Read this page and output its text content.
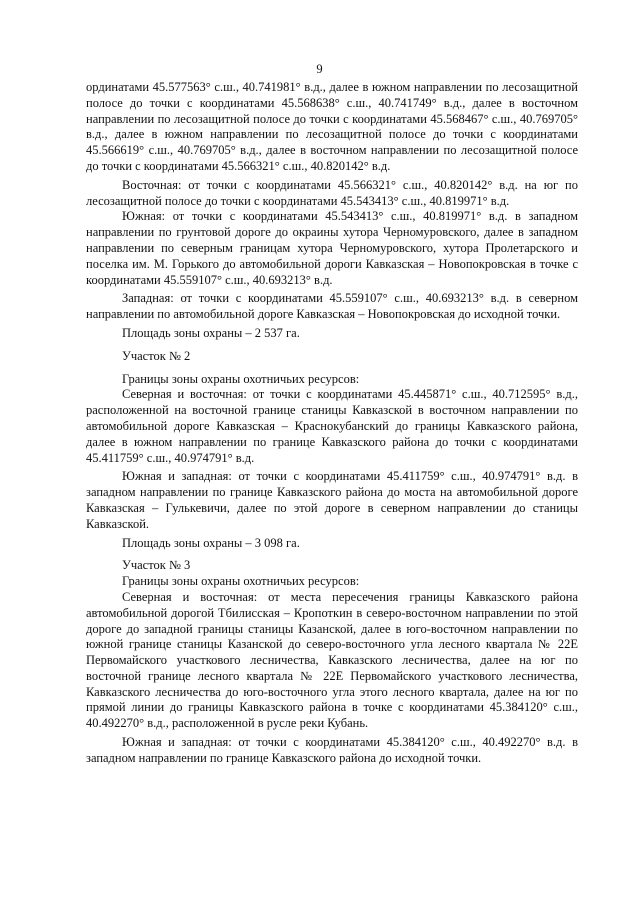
9

ординатами 45.577563° с.ш., 40.741981° в.д., далее в южном направлении по лесозащитной полосе до точки с координатами 45.568638° с.ш., 40.741749° в.д., далее в восточном направлении по лесозащитной полосе до точки с координатами 45.568467° с.ш., 40.769705° в.д., далее в южном направлении по лесозащитной полосе до точки с координатами 45.566619° с.ш., 40.769705° в.д., далее в восточном направлении по лесозащитной полосе до точки с координатами 45.566321° с.ш., 40.820142° в.д.

Восточная: от точки с координатами 45.566321° с.ш., 40.820142° в.д. на юг по лесозащитной полосе до точки с координатами 45.543413° с.ш., 40.819971° в.д.

Южная: от точки с координатами 45.543413° с.ш., 40.819971° в.д. в западном направлении по грунтовой дороге до окраины хутора Черномуровского, далее в западном направлении по северным границам хутора Черномуровского, хутора Пролетарского и поселка им. М. Горького до автомобильной дороги Кавказская – Новопокровская в точке с координатами 45.559107° с.ш., 40.693213° в.д.

Западная: от точки с координатами 45.559107° с.ш., 40.693213° в.д. в северном направлении по автомобильной дороге Кавказская – Новопокровская до исходной точки.

Площадь зоны охраны – 2 537 га.

Участок № 2

Границы зоны охраны охотничьих ресурсов:

Северная и восточная: от точки с координатами 45.445871° с.ш., 40.712595° в.д., расположенной на восточной границе станицы Кавказской в восточном направлении по автомобильной дороге Кавказская – Краснокубанский до границы Кавказского района, далее в южном направлении по границе Кавказского района до точки с координатами 45.411759° с.ш., 40.974791° в.д.

Южная и западная: от точки с координатами 45.411759° с.ш., 40.974791° в.д. в западном направлении по границе Кавказского района до моста на автомобильной дороге Кавказская – Гулькевичи, далее по этой дороге в северном направлении до станицы Кавказской.

Площадь зоны охраны – 3 098 га.

Участок № 3

Границы зоны охраны охотничьих ресурсов:

Северная и восточная: от места пересечения границы Кавказского района автомобильной дорогой Тбилисская – Кропоткин в северо-восточном направлении по этой дороге до западной границы станицы Казанской, далее в юго-восточном направлении по южной границе станицы Казанской до северо-восточного угла лесного квартала № 22Е Первомайского участкового лесничества, Кавказского лесничества, далее на юг по восточной границе лесного квартала № 22Е Первомайского участкового лесничества, Кавказского лесничества до юго-восточного угла этого лесного квартала, далее на юг по прямой линии до границы Кавказского района в точке с координатами 45.384120° с.ш., 40.492270° в.д., расположенной в русле реки Кубань.

Южная и западная: от точки с координатами 45.384120° с.ш., 40.492270° в.д. в западном направлении по границе Кавказского района до исходной точки.
